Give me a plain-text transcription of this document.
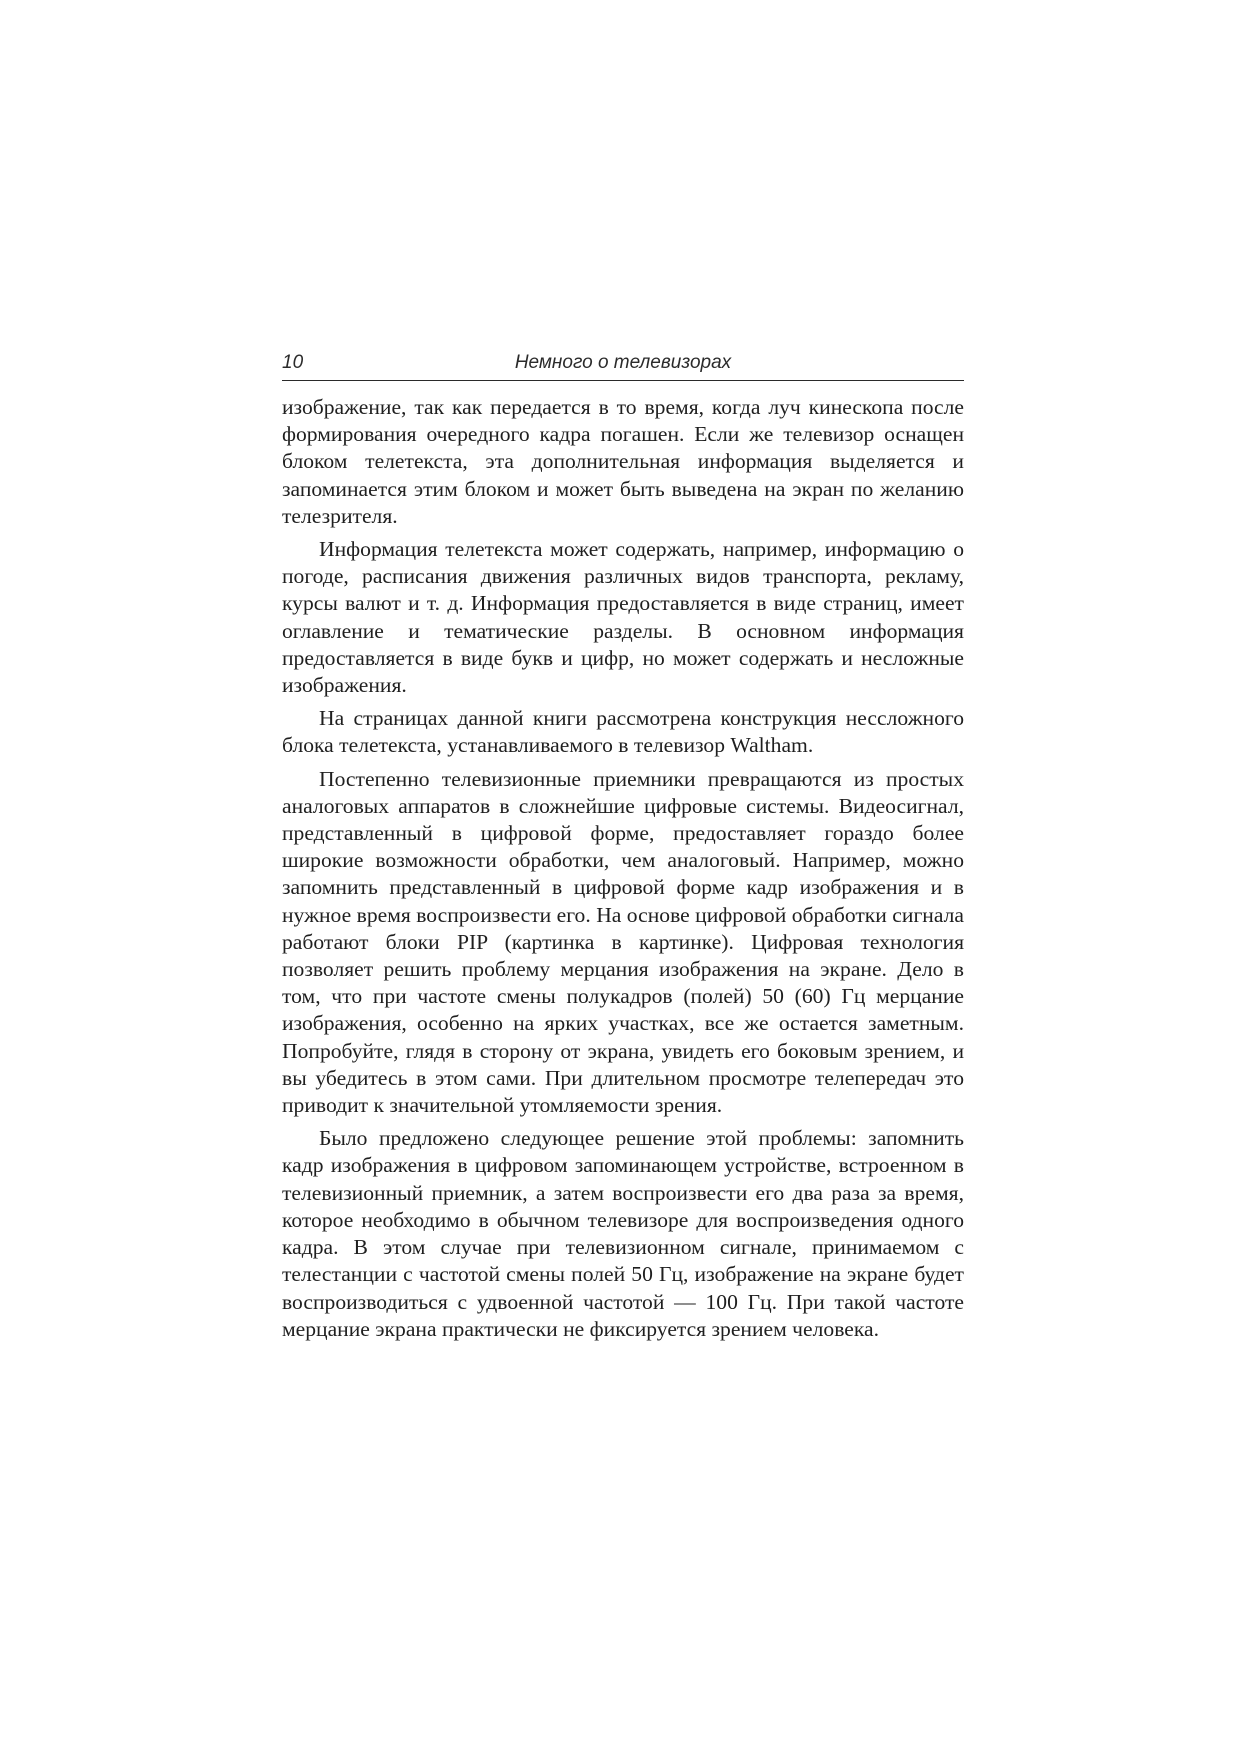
10	Немного о телевизорах

изображение, так как передается в то время, когда луч кинескопа после формирования очередного кадра погашен. Если же телевизор оснащен блоком телетекста, эта дополнительная информация выделяется и запоминается этим блоком и может быть выведена на экран по желанию телезрителя.

Информация телетекста может содержать, например, информацию о погоде, расписания движения различных видов транспорта, рекламу, курсы валют и т. д. Информация предоставляется в виде страниц, имеет оглавление и тематические разделы. В основном информация предоставляется в виде букв и цифр, но может содержать и несложные изображения.

На страницах данной книги рассмотрена конструкция нессложного блока телетекста, устанавливаемого в телевизор Waltham.

Постепенно телевизионные приемники превращаются из простых аналоговых аппаратов в сложнейшие цифровые системы. Видеосигнал, представленный в цифровой форме, предоставляет гораздо более широкие возможности обработки, чем аналоговый. Например, можно запомнить представленный в цифровой форме кадр изображения и в нужное время воспроизвести его. На основе цифровой обработки сигнала работают блоки PIP (картинка в картинке). Цифровая технология позволяет решить проблему мерцания изображения на экране. Дело в том, что при частоте смены полукадров (полей) 50 (60) Гц мерцание изображения, особенно на ярких участках, все же остается заметным. Попробуйте, глядя в сторону от экрана, увидеть его боковым зрением, и вы убедитесь в этом сами. При длительном просмотре телепередач это приводит к значительной утомляемости зрения.

Было предложено следующее решение этой проблемы: запомнить кадр изображения в цифровом запоминающем устройстве, встроенном в телевизионный приемник, а затем воспроизвести его два раза за время, которое необходимо в обычном телевизоре для воспроизведения одного кадра. В этом случае при телевизионном сигнале, принимаемом с телестанции с частотой смены полей 50 Гц, изображение на экране будет воспроизводиться с удвоенной частотой — 100 Гц. При такой частоте мерцание экрана практически не фиксируется зрением человека.
